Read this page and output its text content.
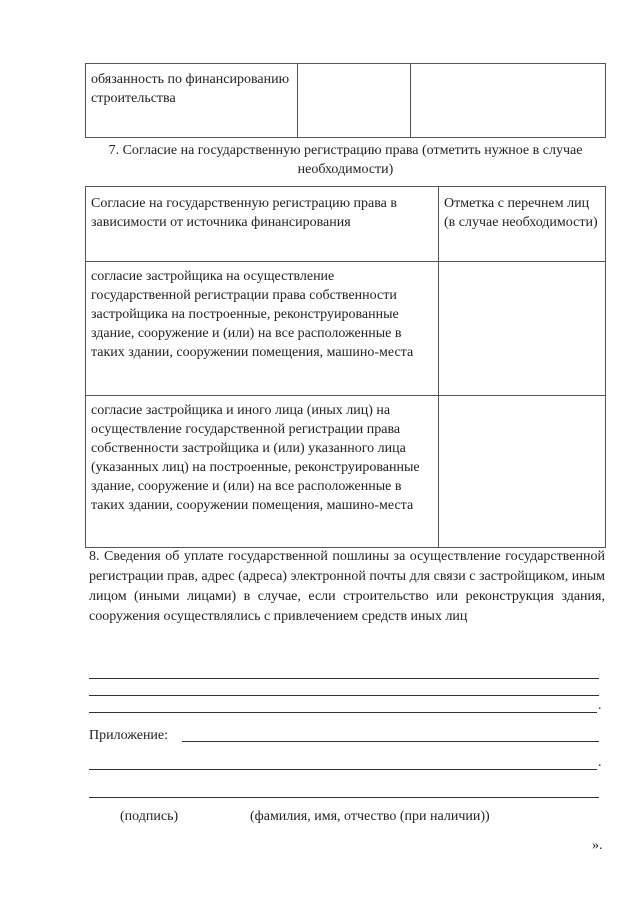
обязанность по финансированию строительства

7. Согласие на государственную регистрацию права (отметить нужное в случае необходимости)
Согласие на государственную регистрацию права в зависимости от источника финансирования	Отметка с перечнем лиц (в случае необходимости)

согласие застройщика на осуществление государственной регистрации права собственности застройщика на построенные, реконструированные здание, сооружение и (или) на все расположенные в таких здании, сооружении помещения, машино-места	

согласие застройщика и иного лица (иных лиц) на осуществление государственной регистрации права собственности застройщика и (или) указанного лица (указанных лиц) на построенные, реконструированные здание, сооружение и (или) на все расположенные в таких здании, сооружении помещения, машино-места	

8. Сведения об уплате государственной пошлины за осуществление государственной регистрации прав, адрес (адреса) электронной почты для связи с застройщиком, иным лицом (иными лицами) в случае, если строительство или реконструкция здания, сооружения осуществлялись с привлечением средств иных лиц
.
Приложение:
.
(подпись)	(фамилия, имя, отчество (при наличии))
».
